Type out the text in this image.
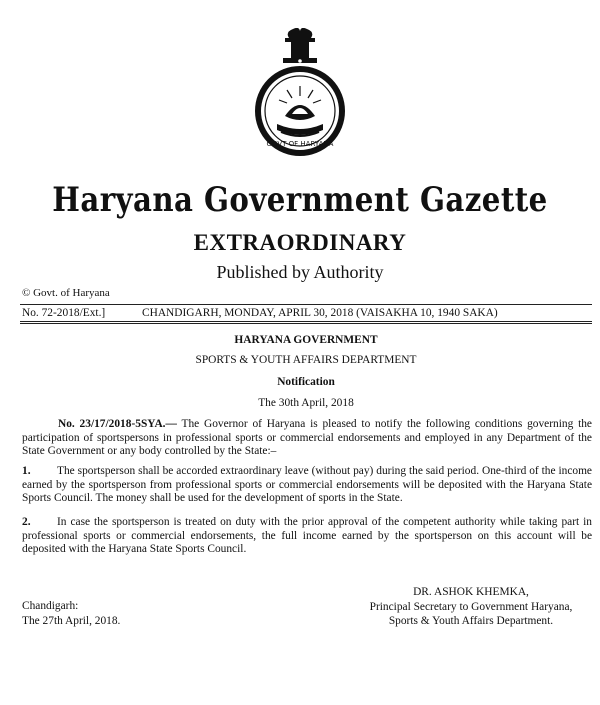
GOVT OF HARYANA
Haryana Government Gazette
EXTRAORDINARY
Published by Authority
© Govt. of Haryana
No. 72-2018/Ext.]	CHANDIGARH, MONDAY, APRIL 30, 2018 (VAISAKHA 10, 1940 SAKA)
HARYANA GOVERNMENT
SPORTS & YOUTH AFFAIRS DEPARTMENT
Notification
The 30th April, 2018
No. 23/17/2018-5SYA.— The Governor of Haryana is pleased to notify the following conditions governing the participation of sportspersons in professional sports or commercial endorsements and employed in any Department of the State Government or any body controlled by the State:–
1. The sportsperson shall be accorded extraordinary leave (without pay) during the said period. One-third of the income earned by the sportsperson from professional sports or commercial endorsements will be deposited with the Haryana State Sports Council. The money shall be used for the development of sports in the State.
2. In case the sportsperson is treated on duty with the prior approval of the competent authority while taking part in professional sports or commercial endorsements, the full income earned by the sportsperson on this account will be deposited with the Haryana State Sports Council.
DR. ASHOK KHEMKA,
Principal Secretary to Government Haryana,
Sports & Youth Affairs Department.
Chandigarh:
The 27th April, 2018.
